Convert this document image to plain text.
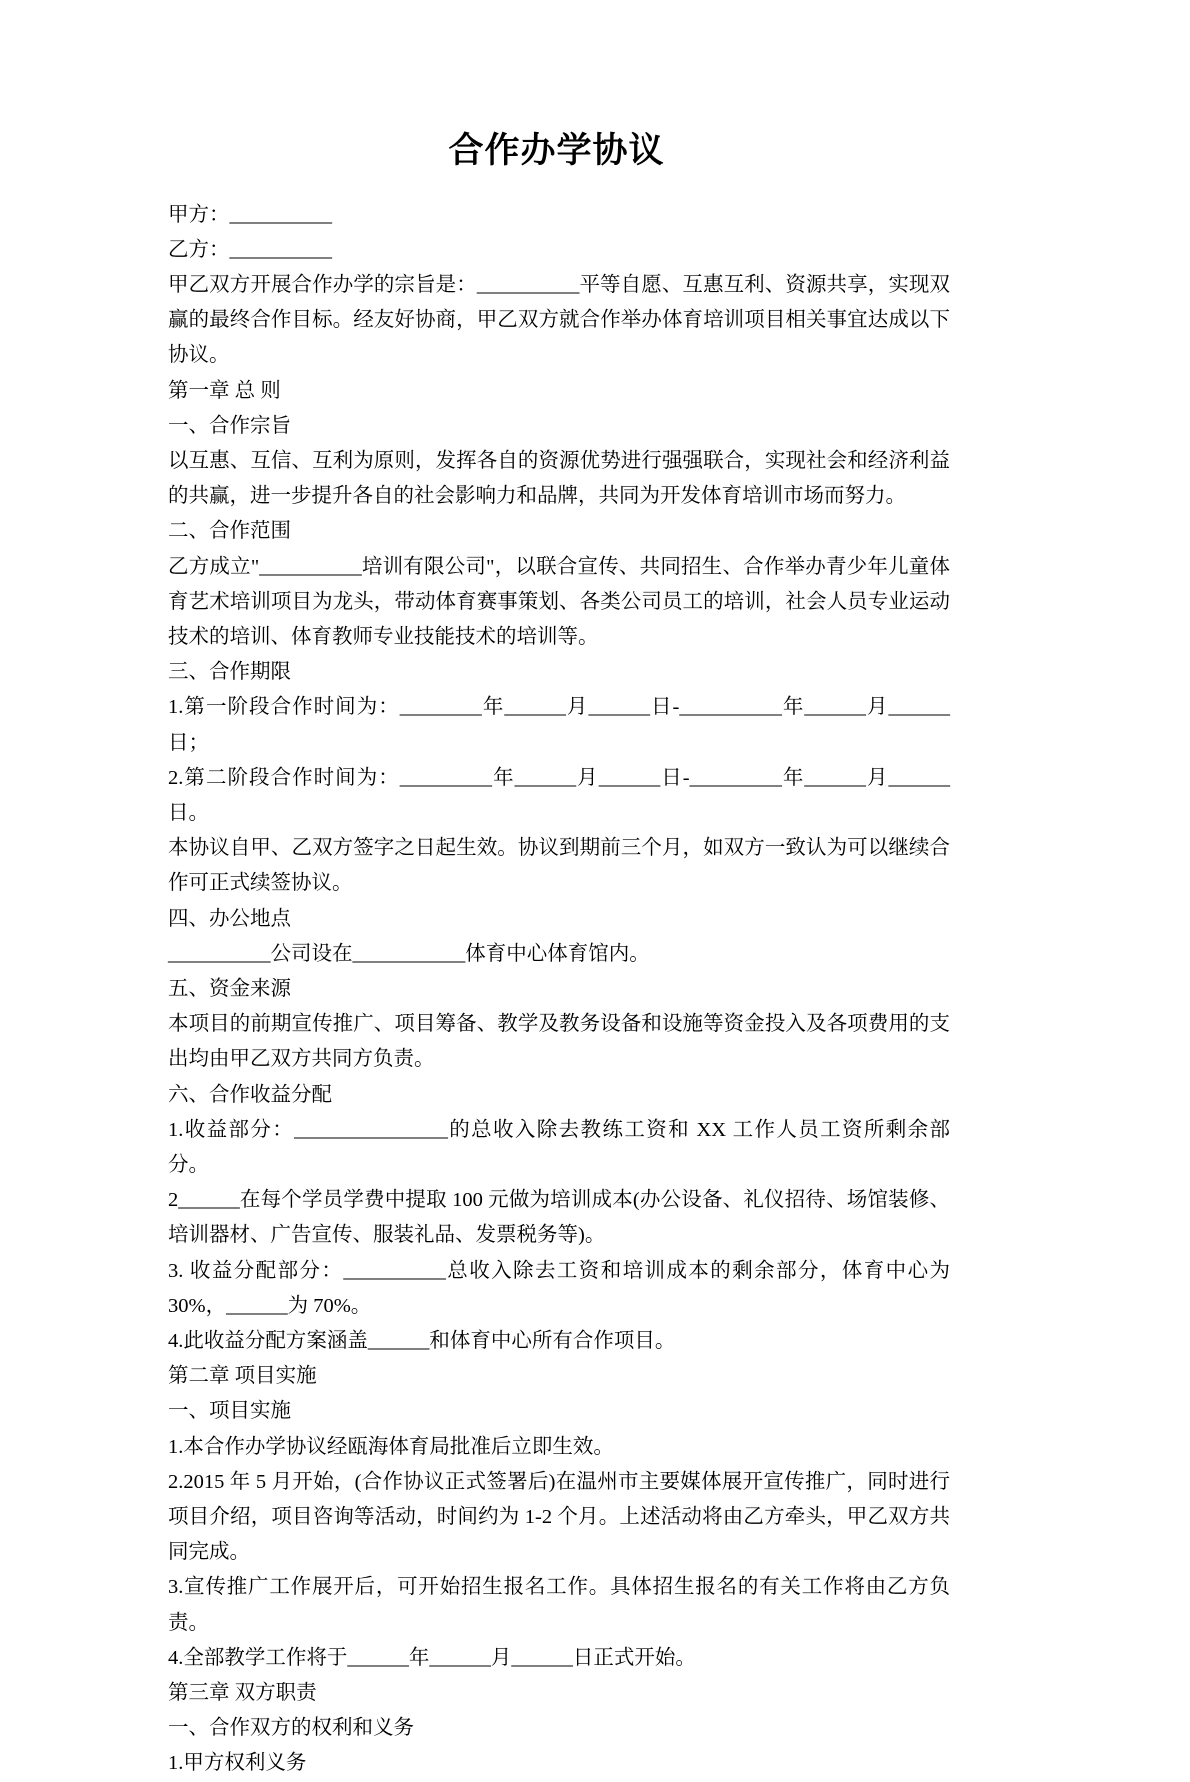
合作办学协议

甲方：__________

乙方：__________

甲乙双方开展合作办学的宗旨是：__________平等自愿、互惠互利、资源共享，实现双赢的最终合作目标。经友好协商，甲乙双方就合作举办体育培训项目相关事宜达成以下协议。

第一章 总 则

一、合作宗旨

以互惠、互信、互利为原则，发挥各自的资源优势进行强强联合，实现社会和经济利益的共赢，进一步提升各自的社会影响力和品牌，共同为开发体育培训市场而努力。

二、合作范围

乙方成立"__________培训有限公司"，以联合宣传、共同招生、合作举办青少年儿童体育艺术培训项目为龙头，带动体育赛事策划、各类公司员工的培训，社会人员专业运动技术的培训、体育教师专业技能技术的培训等。

三、合作期限

1.第一阶段合作时间为：________年______月______日-__________年______月______日；

2.第二阶段合作时间为：_________年______月______日-_________年______月______日。

本协议自甲、乙双方签字之日起生效。协议到期前三个月，如双方一致认为可以继续合作可正式续签协议。

四、办公地点

__________公司设在___________体育中心体育馆内。

五、资金来源

本项目的前期宣传推广、项目筹备、教学及教务设备和设施等资金投入及各项费用的支出均由甲乙双方共同方负责。

六、合作收益分配

1.收益部分：_______________的总收入除去教练工资和 XX 工作人员工资所剩余部分。

2______在每个学员学费中提取 100 元做为培训成本(办公设备、礼仪招待、场馆装修、培训器材、广告宣传、服装礼品、发票税务等)。

3. 收益分配部分：__________总收入除去工资和培训成本的剩余部分，体育中心为 30%，______为 70%。

4.此收益分配方案涵盖______和体育中心所有合作项目。

第二章 项目实施

一、项目实施

1.本合作办学协议经瓯海体育局批准后立即生效。

2.2015 年 5 月开始，(合作协议正式签署后)在温州市主要媒体展开宣传推广，同时进行项目介绍，项目咨询等活动，时间约为 1-2 个月。上述活动将由乙方牵头，甲乙双方共同完成。

3.宣传推广工作展开后，可开始招生报名工作。具体招生报名的有关工作将由乙方负责。

4.全部教学工作将于______年______月______日正式开始。

第三章 双方职责

一、合作双方的权利和义务

1.甲方权利义务
